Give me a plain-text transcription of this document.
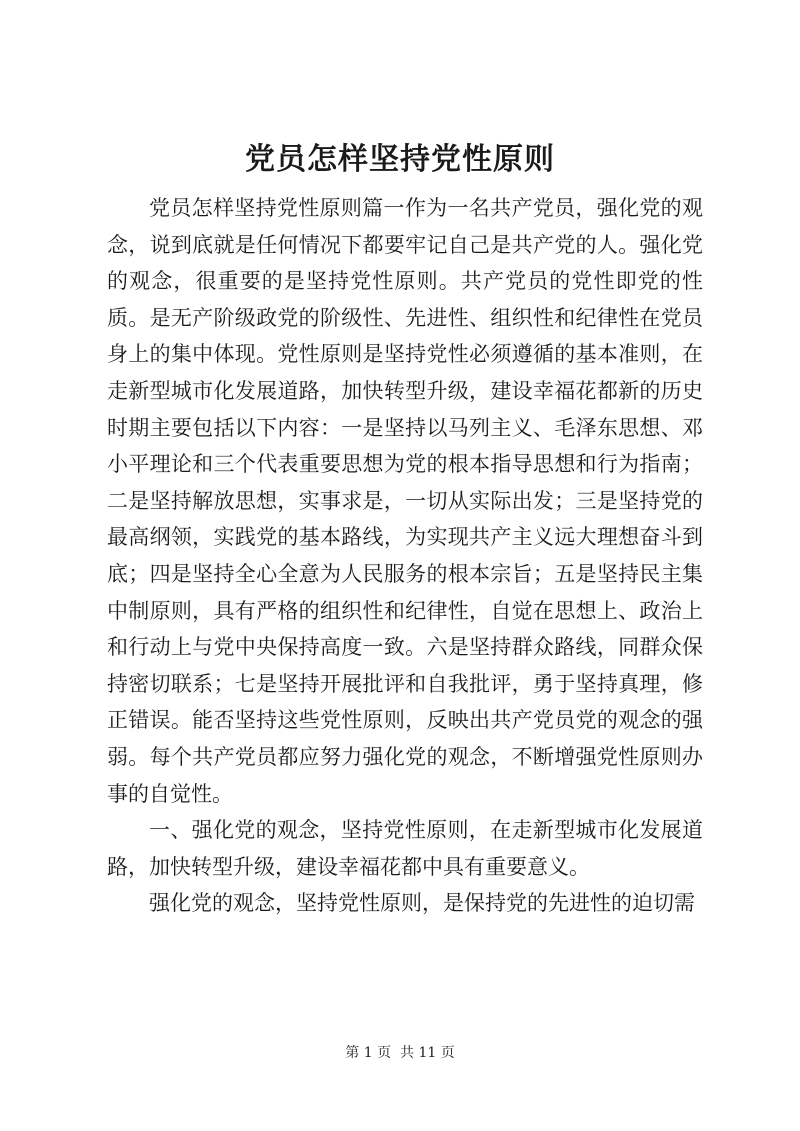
党员怎样坚持党性原则

党员怎样坚持党性原则篇一作为一名共产党员，强化党的观念，说到底就是任何情况下都要牢记自己是共产党的人。强化党的观念，很重要的是坚持党性原则。共产党员的党性即党的性质。是无产阶级政党的阶级性、先进性、组织性和纪律性在党员身上的集中体现。党性原则是坚持党性必须遵循的基本准则，在走新型城市化发展道路，加快转型升级，建设幸福花都新的历史时期主要包括以下内容：一是坚持以马列主义、毛泽东思想、邓小平理论和三个代表重要思想为党的根本指导思想和行为指南；二是坚持解放思想，实事求是，一切从实际出发；三是坚持党的最高纲领，实践党的基本路线，为实现共产主义远大理想奋斗到底；四是坚持全心全意为人民服务的根本宗旨；五是坚持民主集中制原则，具有严格的组织性和纪律性，自觉在思想上、政治上和行动上与党中央保持高度一致。六是坚持群众路线，同群众保持密切联系；七是坚持开展批评和自我批评，勇于坚持真理，修正错误。能否坚持这些党性原则，反映出共产党员党的观念的强弱。每个共产党员都应努力强化党的观念，不断增强党性原则办事的自觉性。

一、强化党的观念，坚持党性原则，在走新型城市化发展道路，加快转型升级，建设幸福花都中具有重要意义。

强化党的观念，坚持党性原则，是保持党的先进性的迫切需

第 1 页  共 11 页
